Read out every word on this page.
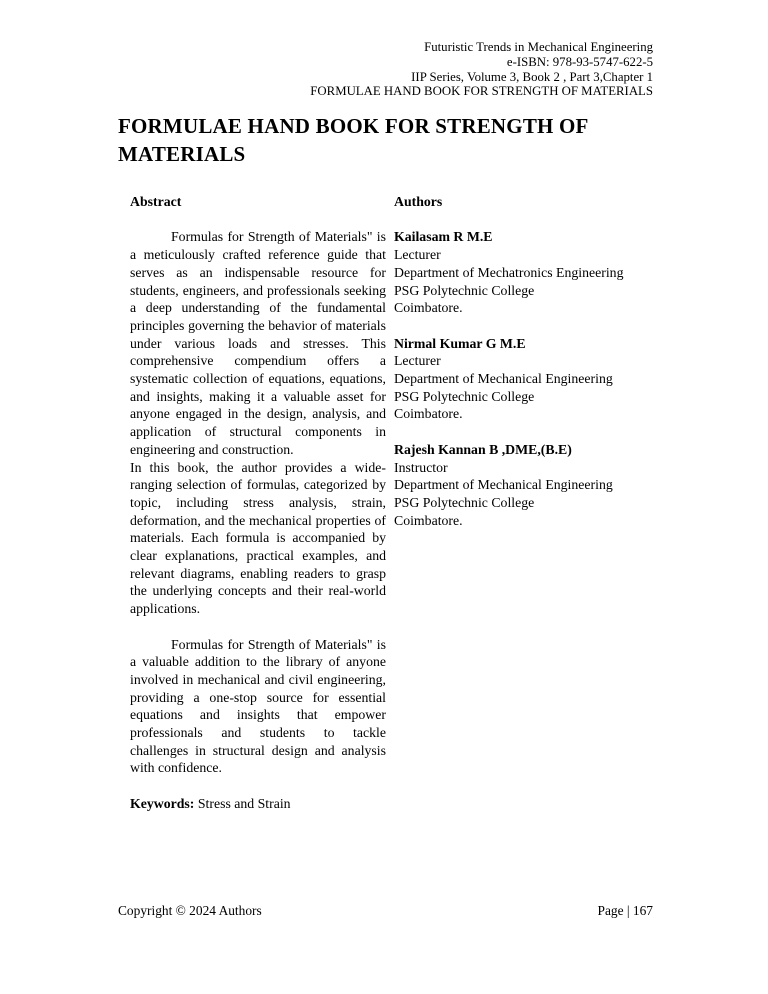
Futuristic Trends in Mechanical Engineering
e-ISBN: 978-93-5747-622-5
IIP Series, Volume 3, Book 2 , Part 3,Chapter 1
FORMULAE HAND BOOK FOR STRENGTH OF MATERIALS
FORMULAE HAND BOOK FOR STRENGTH OF MATERIALS
Abstract

Formulas for Strength of Materials" is a meticulously crafted reference guide that serves as an indispensable resource for students, engineers, and professionals seeking a deep understanding of the fundamental principles governing the behavior of materials under various loads and stresses. This comprehensive compendium offers a systematic collection of equations, equations, and insights, making it a valuable asset for anyone engaged in the design, analysis, and application of structural components in engineering and construction.

In this book, the author provides a wide-ranging selection of formulas, categorized by topic, including stress analysis, strain, deformation, and the mechanical properties of materials. Each formula is accompanied by clear explanations, practical examples, and relevant diagrams, enabling readers to grasp the underlying concepts and their real-world applications.

Formulas for Strength of Materials" is a valuable addition to the library of anyone involved in mechanical and civil engineering, providing a one-stop source for essential equations and insights that empower professionals and students to tackle challenges in structural design and analysis with confidence.

Keywords: Stress and Strain

Authors
Kailasam R M.E
Lecturer
Department of Mechatronics Engineering
PSG Polytechnic College
Coimbatore.
Nirmal Kumar G M.E
Lecturer
Department of Mechanical Engineering
PSG Polytechnic College
Coimbatore.
Rajesh Kannan B ,DME,(B.E)
Instructor
Department of Mechanical Engineering
PSG Polytechnic College
Coimbatore.
Copyright © 2024 Authors	Page | 167
